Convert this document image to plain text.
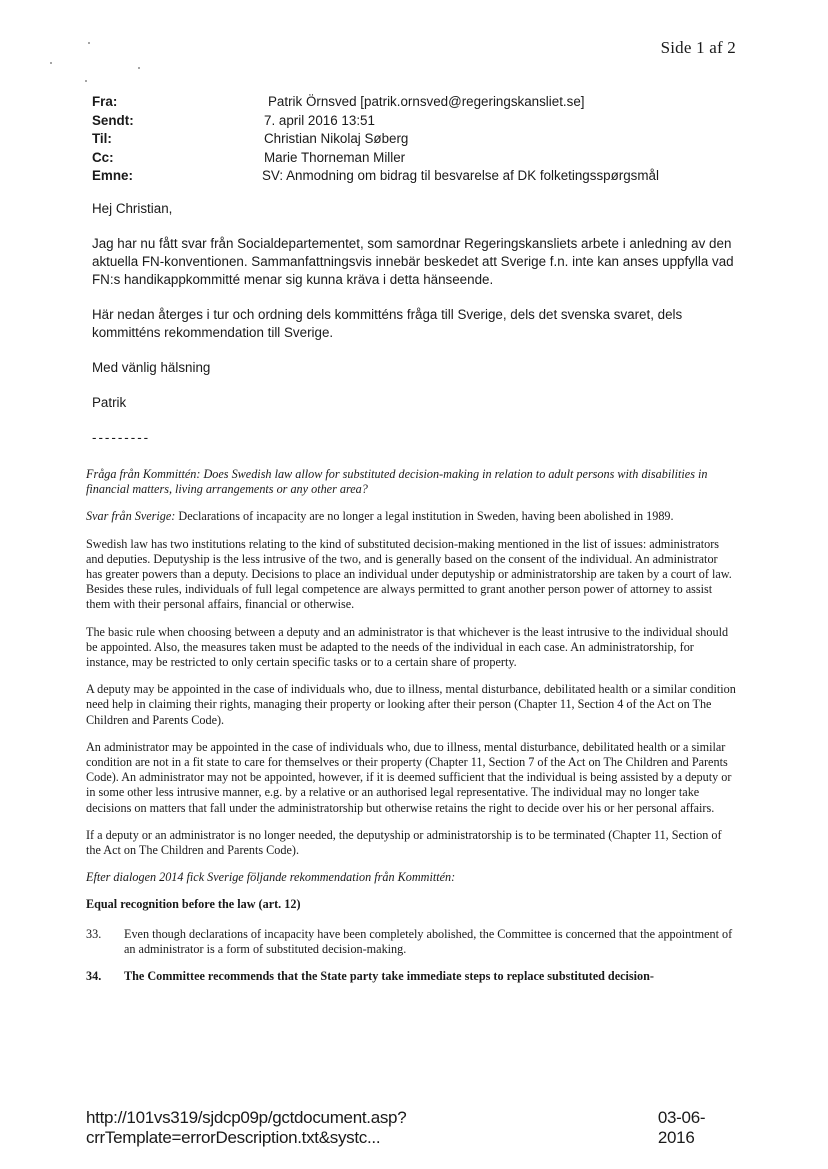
Side 1 af 2
Fra:	Patrik Örnsved [patrik.ornsved@regeringskansliet.se]
Sendt:	7. april 2016 13:51
Til:	Christian Nikolaj Søberg
Cc:	Marie Thorneman Miller
Emne:	SV: Anmodning om bidrag til besvarelse af DK folketingsspørgsmål

Hej Christian,

Jag har nu fått svar från Socialdepartementet, som samordnar Regeringskansliets arbete i anledning av den aktuella FN-konventionen. Sammanfattningsvis innebär beskedet att Sverige f.n. inte kan anses uppfylla vad FN:s handikappkommitté menar sig kunna kräva i detta hänseende.

Här nedan återges i tur och ordning dels kommitténs fråga till Sverige, dels det svenska svaret, dels kommitténs rekommendation till Sverige.

Med vänlig hälsning

Patrik

---------

Fråga från Kommittén: Does Swedish law allow for substituted decision-making in relation to adult persons with disabilities in financial matters, living arrangements or any other area?

Svar från Sverige: Declarations of incapacity are no longer a legal institution in Sweden, having been abolished in 1989.

Swedish law has two institutions relating to the kind of substituted decision-making mentioned in the list of issues: administrators and deputies. Deputyship is the less intrusive of the two, and is generally based on the consent of the individual. An administrator has greater powers than a deputy. Decisions to place an individual under deputyship or administratorship are taken by a court of law. Besides these rules, individuals of full legal competence are always permitted to grant another person power of attorney to assist them with their personal affairs, financial or otherwise.

The basic rule when choosing between a deputy and an administrator is that whichever is the least intrusive to the individual should be appointed. Also, the measures taken must be adapted to the needs of the individual in each case. An administratorship, for instance, may be restricted to only certain specific tasks or to a certain share of property.

A deputy may be appointed in the case of individuals who, due to illness, mental disturbance, debilitated health or a similar condition need help in claiming their rights, managing their property or looking after their person (Chapter 11, Section 4 of the Act on The Children and Parents Code).

An administrator may be appointed in the case of individuals who, due to illness, mental disturbance, debilitated health or a similar condition are not in a fit state to care for themselves or their property (Chapter 11, Section 7 of the Act on The Children and Parents Code). An administrator may not be appointed, however, if it is deemed sufficient that the individual is being assisted by a deputy or in some other less intrusive manner, e.g. by a relative or an authorised legal representative. The individual may no longer take decisions on matters that fall under the administratorship but otherwise retains the right to decide over his or her personal affairs.

If a deputy or an administrator is no longer needed, the deputyship or administratorship is to be terminated (Chapter 11, Section of the Act on The Children and Parents Code).

Efter dialogen 2014 fick Sverige följande rekommendation från Kommittén:

Equal recognition before the law (art. 12)

33.	Even though declarations of incapacity have been completely abolished, the Committee is concerned that the appointment of an administrator is a form of substituted decision-making.

34.	The Committee recommends that the State party take immediate steps to replace substituted decision-

http://101vs319/sjdcp09p/gctdocument.asp?crrTemplate=errorDescription.txt&systc...
03-06-2016
